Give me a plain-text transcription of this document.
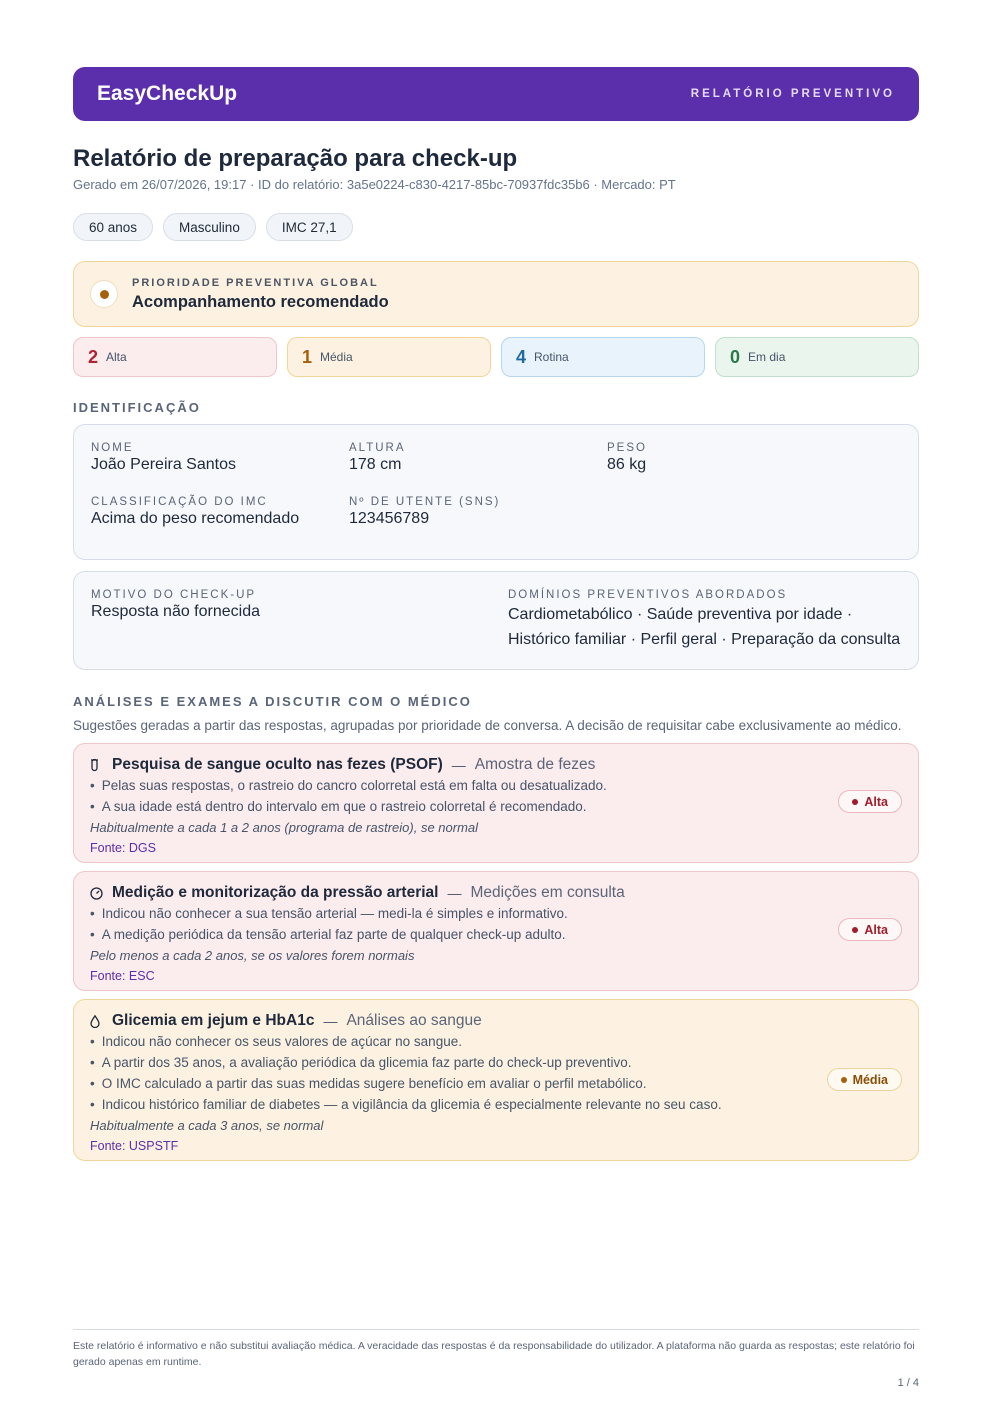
EasyCheckUp	RELATÓRIO PREVENTIVO
Relatório de preparação para check-up
Gerado em 26/07/2026, 19:17 · ID do relatório: 3a5e0224-c830-4217-85bc-70937fdc35b6 · Mercado: PT
60 anos	Masculino	IMC 27,1
PRIORIDADE PREVENTIVA GLOBAL
Acompanhamento recomendado
2 Alta	1 Média	4 Rotina	0 Em dia
IDENTIFICAÇÃO
NOME
João Pereira Santos
ALTURA
178 cm
PESO
86 kg
CLASSIFICAÇÃO DO IMC
Acima do peso recomendado
Nº DE UTENTE (SNS)
123456789
MOTIVO DO CHECK-UP
Resposta não fornecida
DOMÍNIOS PREVENTIVOS ABORDADOS
Cardiometabólico · Saúde preventiva por idade · Histórico familiar · Perfil geral · Preparação da consulta
ANÁLISES E EXAMES A DISCUTIR COM O MÉDICO
Sugestões geradas a partir das respostas, agrupadas por prioridade de conversa. A decisão de requisitar cabe exclusivamente ao médico.
Pesquisa de sangue oculto nas fezes (PSOF) — Amostra de fezes
• Pelas suas respostas, o rastreio do cancro colorretal está em falta ou desatualizado.
• A sua idade está dentro do intervalo em que o rastreio colorretal é recomendado.
Habitualmente a cada 1 a 2 anos (programa de rastreio), se normal
Fonte: DGS
Alta
Medição e monitorização da pressão arterial — Medições em consulta
• Indicou não conhecer a sua tensão arterial — medi-la é simples e informativo.
• A medição periódica da tensão arterial faz parte de qualquer check-up adulto.
Pelo menos a cada 2 anos, se os valores forem normais
Fonte: ESC
Alta
Glicemia em jejum e HbA1c — Análises ao sangue
• Indicou não conhecer os seus valores de açúcar no sangue.
• A partir dos 35 anos, a avaliação periódica da glicemia faz parte do check-up preventivo.
• O IMC calculado a partir das suas medidas sugere benefício em avaliar o perfil metabólico.
• Indicou histórico familiar de diabetes — a vigilância da glicemia é especialmente relevante no seu caso.
Habitualmente a cada 3 anos, se normal
Fonte: USPSTF
Média
Este relatório é informativo e não substitui avaliação médica. A veracidade das respostas é da responsabilidade do utilizador. A plataforma não guarda as respostas; este relatório foi gerado apenas em runtime.
1 / 4
